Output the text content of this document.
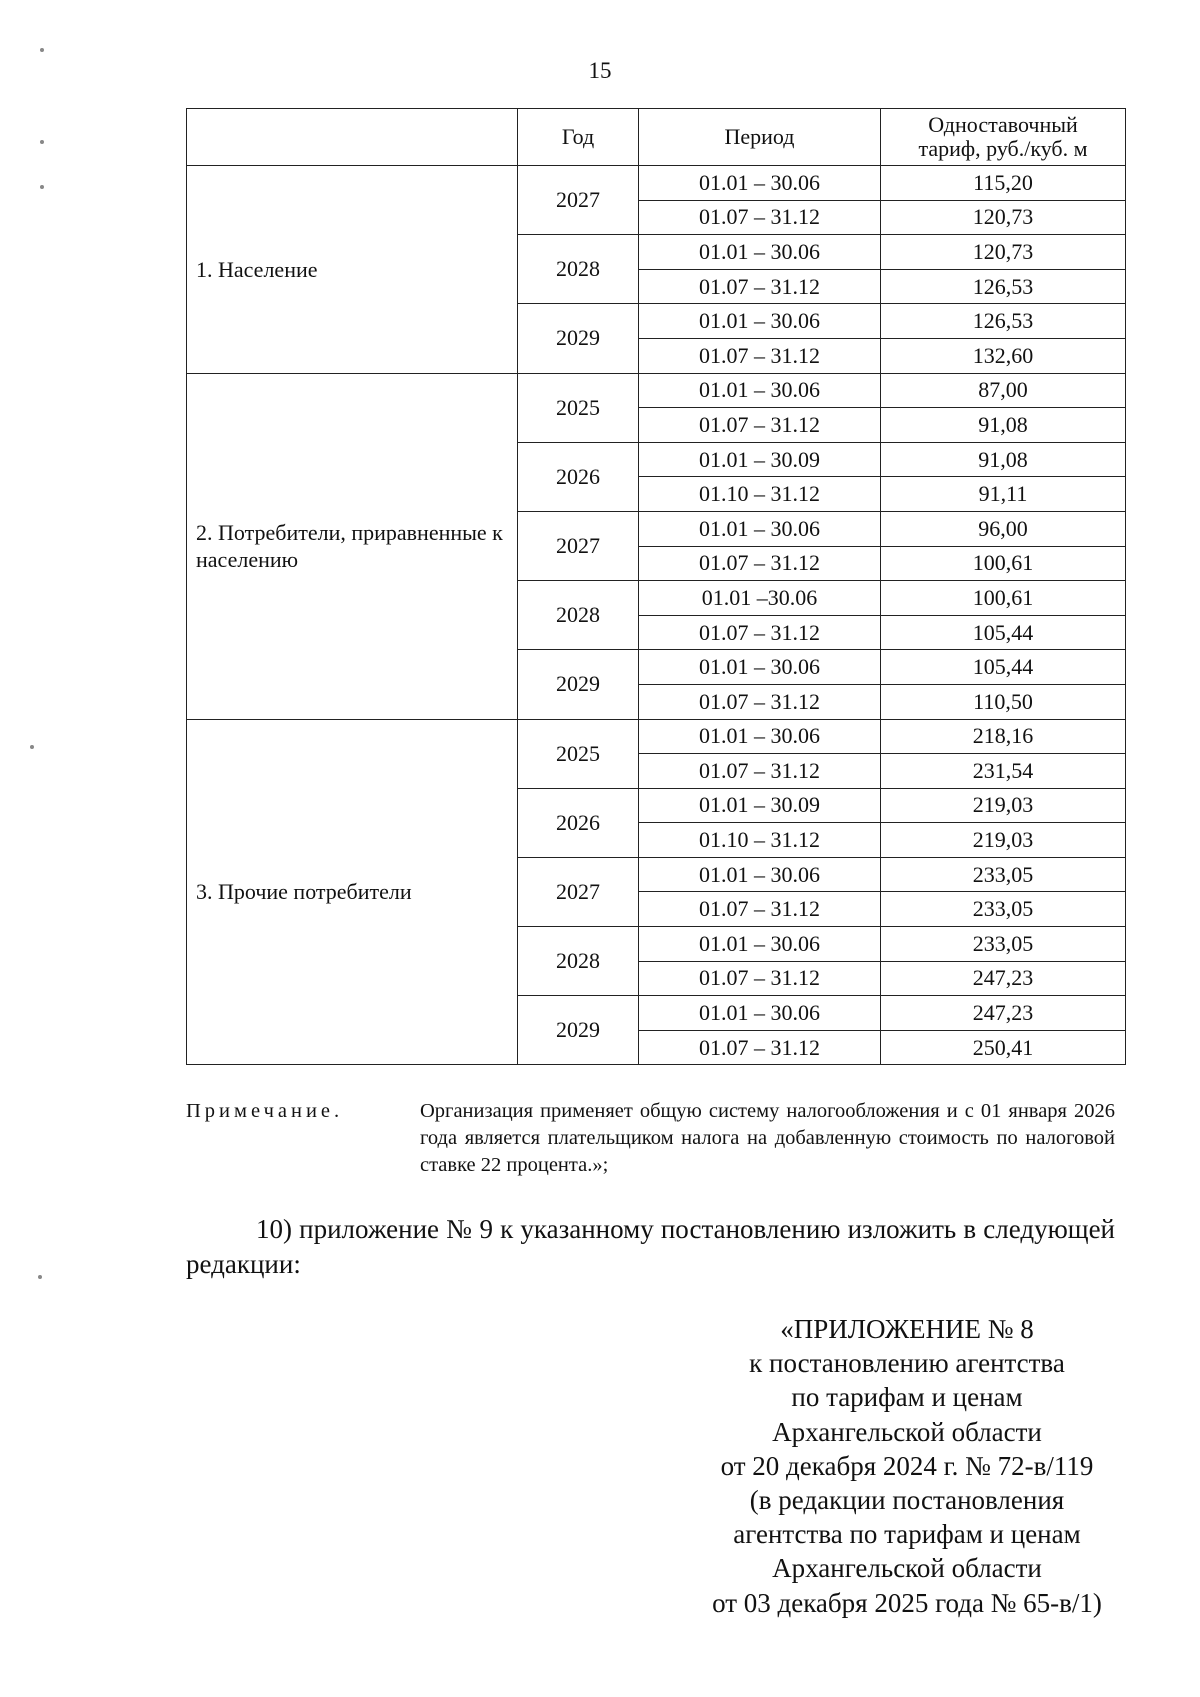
15
	Год	Период	Одноставочный
тариф, руб./куб. м

1. Население	2027	01.01 – 30.06	115,20
		01.07 – 31.12	120,73
	2028	01.01 – 30.06	120,73
		01.07 – 31.12	126,53
	2029	01.01 – 30.06	126,53
		01.07 – 31.12	132,60
2. Потребители, приравненные к населению	2025	01.01 – 30.06	87,00
		01.07 – 31.12	91,08
	2026	01.01 – 30.09	91,08
		01.10 – 31.12	91,11
	2027	01.01 – 30.06	96,00
		01.07 – 31.12	100,61
	2028	01.01 –30.06	100,61
		01.07 – 31.12	105,44
	2029	01.01 – 30.06	105,44
		01.07 – 31.12	110,50
3. Прочие потребители	2025	01.01 – 30.06	218,16
		01.07 – 31.12	231,54
	2026	01.01 – 30.09	219,03
		01.10 – 31.12	219,03
	2027	01.01 – 30.06	233,05
		01.07 – 31.12	233,05
	2028	01.01 – 30.06	233,05
		01.07 – 31.12	247,23
	2029	01.01 – 30.06	247,23
		01.07 – 31.12	250,41
Примечание.	Организация применяет общую систему налогообложения и с 01 января 2026 года является плательщиком налога на добавленную стоимость по налоговой ставке 22 процента.»;
10) приложение № 9 к указанному постановлению изложить в следующей редакции:
«ПРИЛОЖЕНИЕ № 8
к постановлению агентства
по тарифам и ценам
Архангельской области
от 20 декабря 2024 г. № 72-в/119
(в редакции постановления
агентства по тарифам и ценам
Архангельской области
от 03 декабря 2025 года № 65-в/1)
